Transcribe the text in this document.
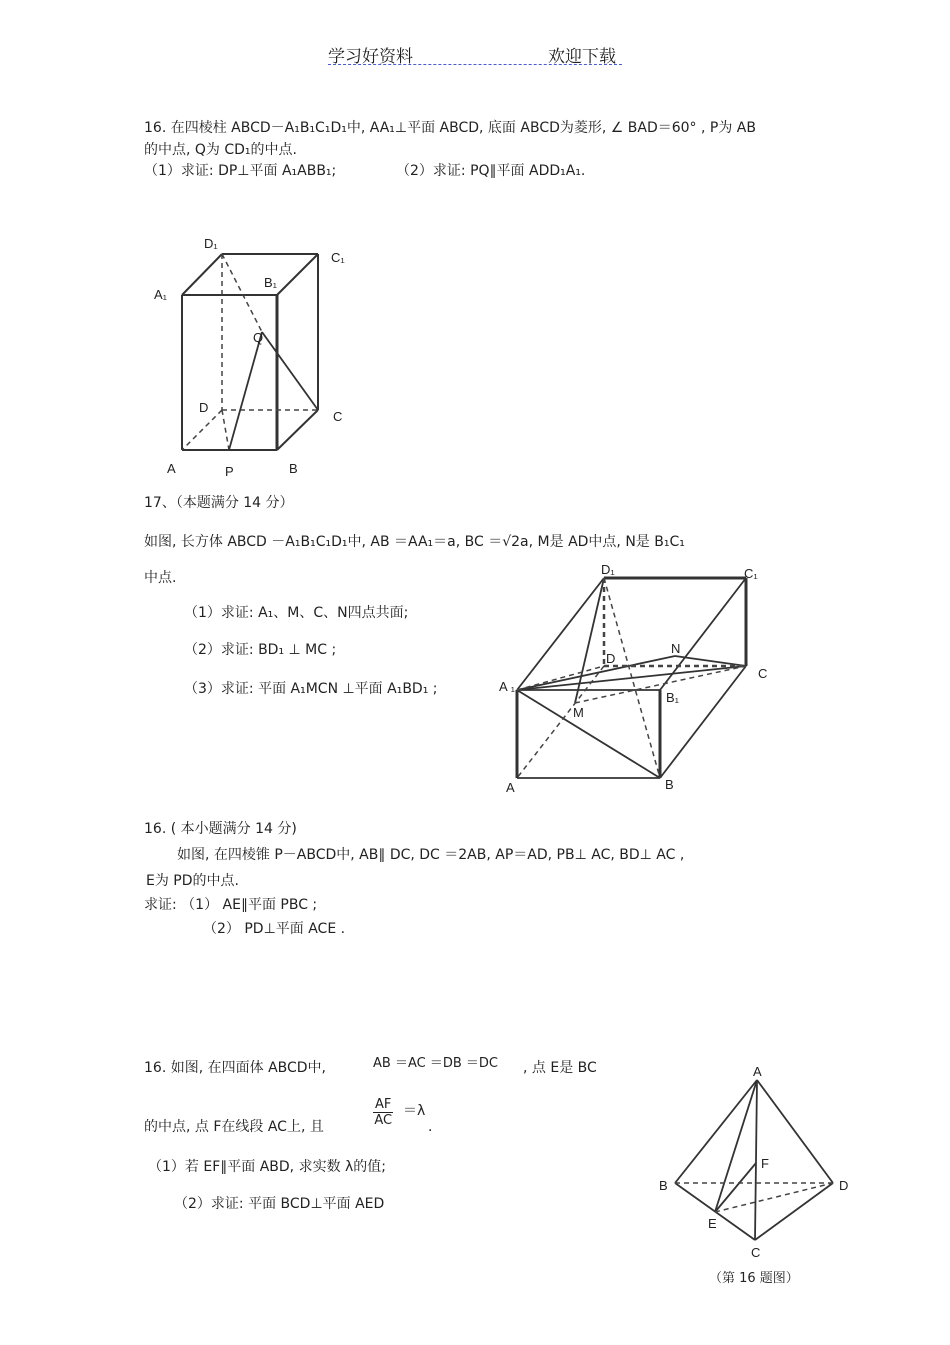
学习好资料	欢迎下载
16. 在四棱柱 ABCD－A₁B₁C₁D₁中, AA₁⊥平面 ABCD, 底面 ABCD为菱形, ∠ BAD＝60° , P为 AB
的中点, Q为 CD₁的中点.
（1）求证: DP⊥平面 A₁ABB₁;	（2）求证: PQ∥平面 ADD₁A₁.
D₁
C₁
A₁
B₁
Q
D
C
A	P	B
17、（本题满分 14 分）
如图, 长方体 ABCD －A₁B₁C₁D₁中, AB ＝AA₁＝a, BC ＝√2a, M是 AD中点, N是 B₁C₁
中点.
（1）求证: A₁、M、C、N四点共面;
（2）求证: BD₁ ⊥ MC ;
（3）求证: 平面 A₁MCN ⊥平面 A₁BD₁ ;
D₁	C₁
N
D
C
A ₁
B₁
M
A	B
16. ( 本小题满分 14 分)
如图, 在四棱锥 P－ABCD中, AB∥ DC, DC ＝2AB, AP＝AD, PB⊥ AC, BD⊥ AC ,
E为 PD的中点.
求证: （1） AE∥平面 PBC ;
（2） PD⊥平面 ACE .
16. 如图, 在四面体 ABCD中,	AB ＝AC ＝DB ＝DC , 点 E是 BC
的中点, 点 F在线段 AC上, 且	$\frac{AF}{AC} =\lambda$
.
（1）若 EF∥平面 ABD, 求实数 λ的值;
（2）求证: 平面 BCD⊥平面 AED
A
F
B	D
E
C
（第 16 题图）
